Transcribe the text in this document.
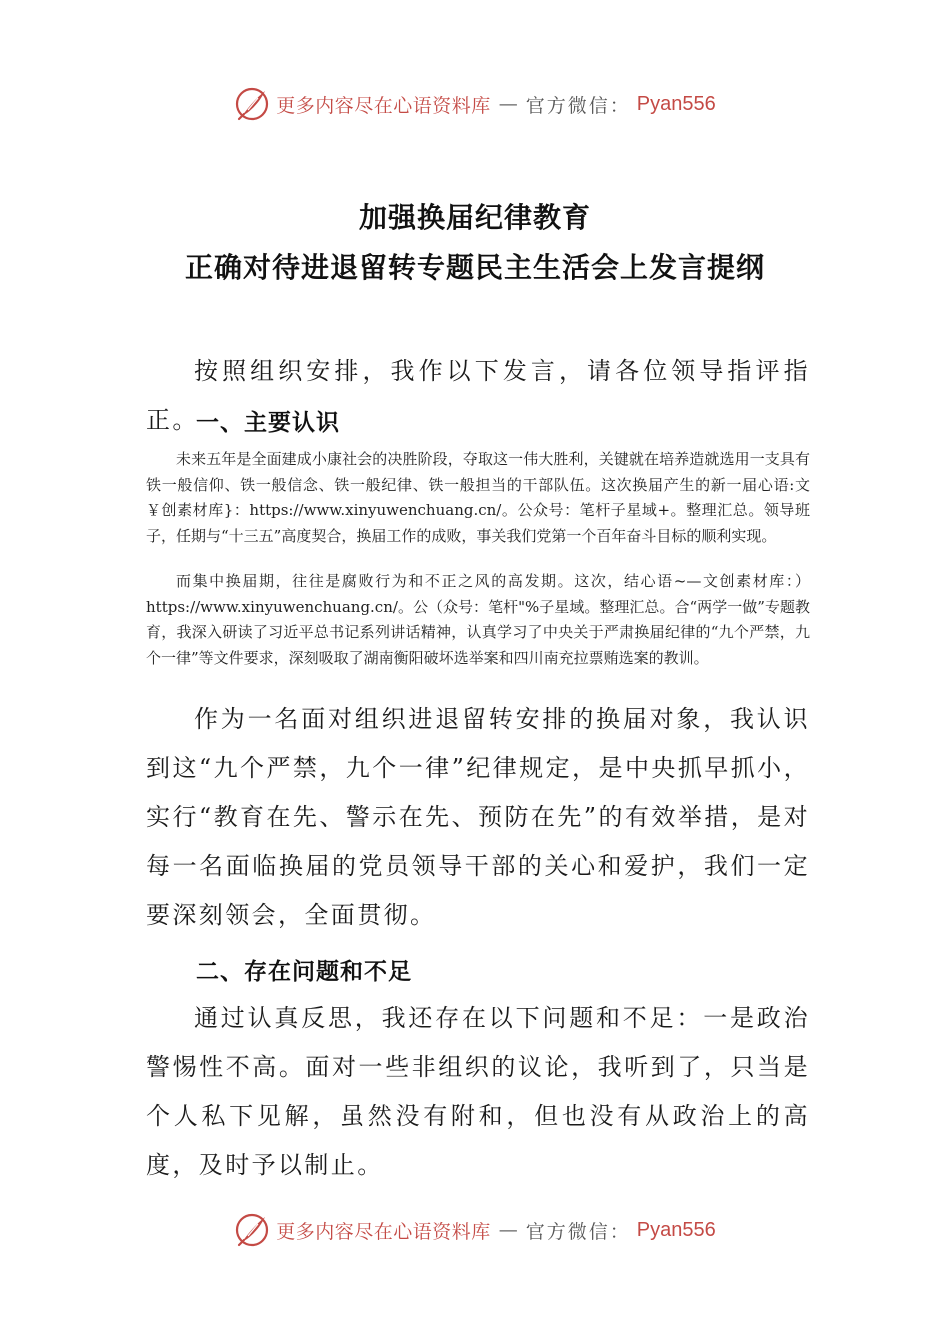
更多内容尽在心语资料库 — 官方微信： Pyan556
加强换届纪律教育
正确对待进退留转专题民主生活会上发言提纲

按照组织安排，我作以下发言，请各位领导指评指正。

一、主要认识

未来五年是全面建成小康社会的决胜阶段，夺取这一伟大胜利，关键就在培养造就选用一支具有铁一般信仰、铁一般信念、铁一般纪律、铁一般担当的干部队伍。这次换届产生的新一届心语:文￥创素材库}：https://www.xinyuwenchuang.cn/。公众号：笔杆子星域+。整理汇总。领导班子，任期与“十三五”高度契合，换届工作的成败，事关我们党第一个百年奋斗目标的顺利实现。

而集中换届期，往往是腐败行为和不正之风的高发期。这次，结心语~—文创素材库：）https://www.xinyuwenchuang.cn/。公（众号：笔杆"%子星域。整理汇总。合“两学一做”专题教育，我深入研读了习近平总书记系列讲话精神，认真学习了中央关于严肃换届纪律的“九个严禁，九个一律”等文件要求，深刻吸取了湖南衡阳破坏选举案和四川南充拉票贿选案的教训。

作为一名面对组织进退留转安排的换届对象，我认识到这“九个严禁，九个一律”纪律规定，是中央抓早抓小，实行“教育在先、警示在先、预防在先”的有效举措，是对每一名面临换届的党员领导干部的关心和爱护，我们一定要深刻领会，全面贯彻。

二、存在问题和不足

通过认真反思，我还存在以下问题和不足：一是政治警惕性不高。面对一些非组织的议论，我听到了，只当是个人私下见解，虽然没有附和，但也没有从政治上的高度，及时予以制止。

更多内容尽在心语资料库 — 官方微信： Pyan556
